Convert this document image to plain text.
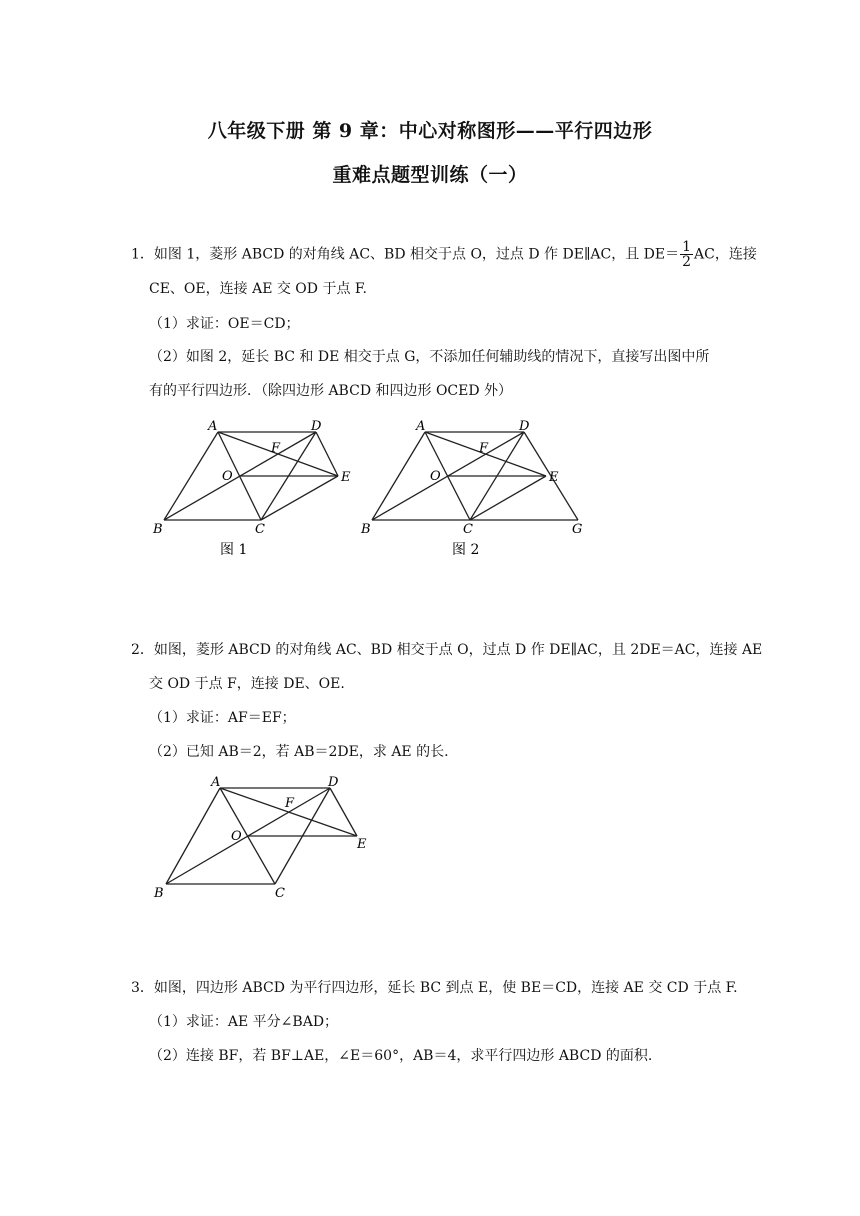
八年级下册 第 9 章：中心对称图形——平行四边形
重难点题型训练（一）
1．如图 1，菱形 ABCD 的对角线 AC、BD 相交于点 O，过点 D 作 DE∥AC，且 $DE= \frac{1}{2}$ AC，连接
CE、OE，连接 AE 交 OD 于点 F.
（1）求证：OE＝CD；
（2）如图 2，延长 BC 和 DE 相交于点 G，不添加任何辅助线的情况下，直接写出图中所
有的平行四边形．（除四边形 ABCD 和四边形 OCED 外）
A	D
F
O	E
B	C
图 1
A	D
F
O	E
B	C	G
图 2
A	D
F
O
E
B	C
2．如图，菱形 ABCD 的对角线 AC、BD 相交于点 O，过点 D 作 DE∥AC，且 2DE＝AC，连接 AE
交 OD 于点 F，连接 DE、OE.
（1）求证：AF＝EF；
（2）已知 AB＝2，若 AB＝2DE，求 AE 的长.
3．如图，四边形 ABCD 为平行四边形，延长 BC 到点 E，使 BE＝CD，连接 AE 交 CD 于点 F.
（1）求证：AE 平分∠BAD；
（2）连接 BF，若 BF⊥AE，∠E＝60°，AB＝4，求平行四边形 ABCD 的面积.
